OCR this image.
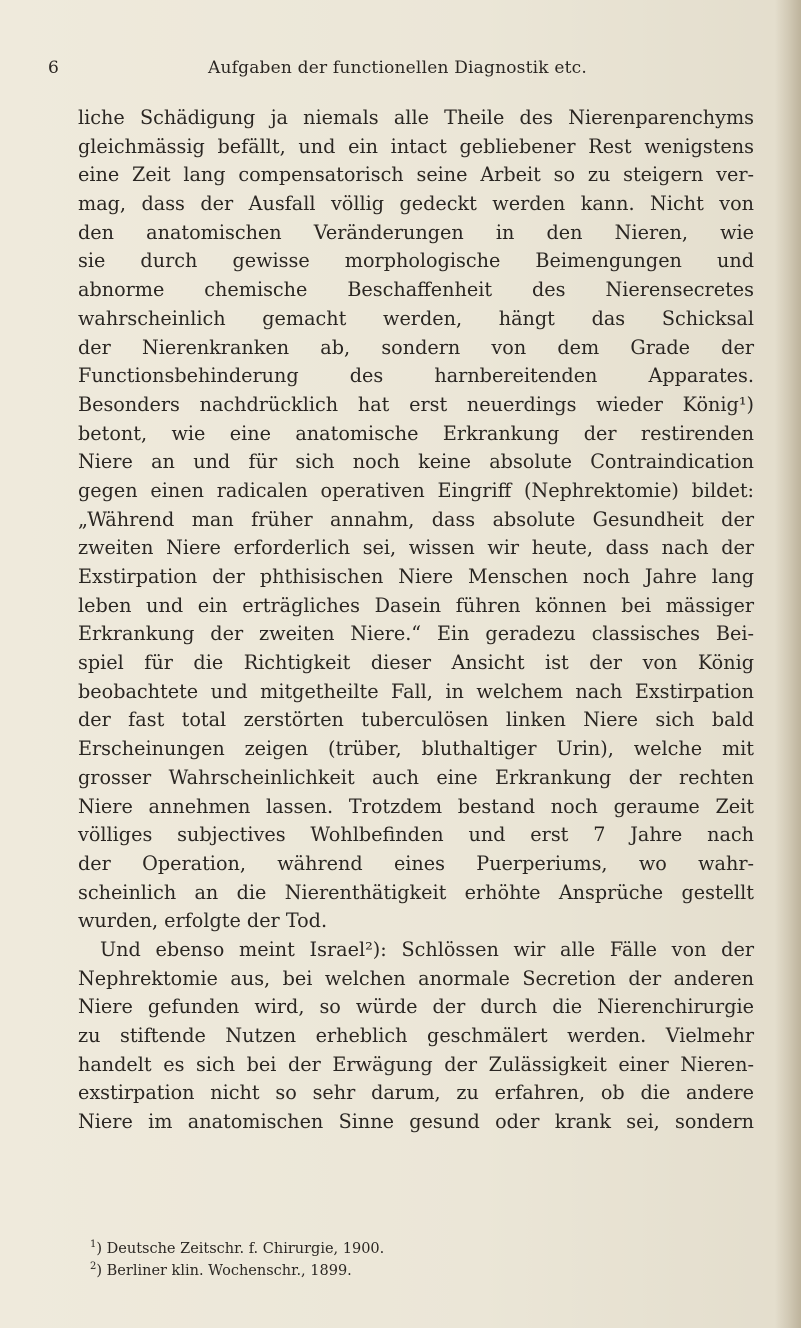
6	Aufgaben der functionellen Diagnostik etc.
liche Schädigung ja niemals alle Theile des Nierenparenchyms
gleichmässig befällt, und ein intact gebliebener Rest wenigstens
eine Zeit lang compensatorisch seine Arbeit so zu steigern ver-
mag, dass der Ausfall völlig gedeckt werden kann. Nicht von
den anatomischen Veränderungen in den Nieren, wie
sie durch gewisse morphologische Beimengungen und
abnorme chemische Beschaffenheit des Nierensecretes
wahrscheinlich gemacht werden, hängt das Schicksal
der Nierenkranken ab, sondern von dem Grade der
Functionsbehinderung des harnbereitenden Apparates.
Besonders nachdrücklich hat erst neuerdings wieder König¹)
betont, wie eine anatomische Erkrankung der restirenden
Niere an und für sich noch keine absolute Contraindication
gegen einen radicalen operativen Eingriff (Nephrektomie) bildet:
„Während man früher annahm, dass absolute Gesundheit der
zweiten Niere erforderlich sei, wissen wir heute, dass nach der
Exstirpation der phthisischen Niere Menschen noch Jahre lang
leben und ein erträgliches Dasein führen können bei mässiger
Erkrankung der zweiten Niere.“ Ein geradezu classisches Bei-
spiel für die Richtigkeit dieser Ansicht ist der von König
beobachtete und mitgetheilte Fall, in welchem nach Exstirpation
der fast total zerstörten tuberculösen linken Niere sich bald
Erscheinungen zeigen (trüber, bluthaltiger Urin), welche mit
grosser Wahrscheinlichkeit auch eine Erkrankung der rechten
Niere annehmen lassen. Trotzdem bestand noch geraume Zeit
völliges subjectives Wohlbefinden und erst 7 Jahre nach
der Operation, während eines Puerperiums, wo wahr-
scheinlich an die Nierenthätigkeit erhöhte Ansprüche gestellt
wurden, erfolgte der Tod.
Und ebenso meint Israel²): Schlössen wir alle Fälle von der
Nephrektomie aus, bei welchen anormale Secretion der anderen
Niere gefunden wird, so würde der durch die Nierenchirurgie
zu stiftende Nutzen erheblich geschmälert werden. Vielmehr
handelt es sich bei der Erwägung der Zulässigkeit einer Nieren-
exstirpation nicht so sehr darum, zu erfahren, ob die andere
Niere im anatomischen Sinne gesund oder krank sei, sondern
$^1$) Deutsche Zeitschr. f. Chirurgie, 1900.
$^2$) Berliner klin. Wochenschr., 1899.
